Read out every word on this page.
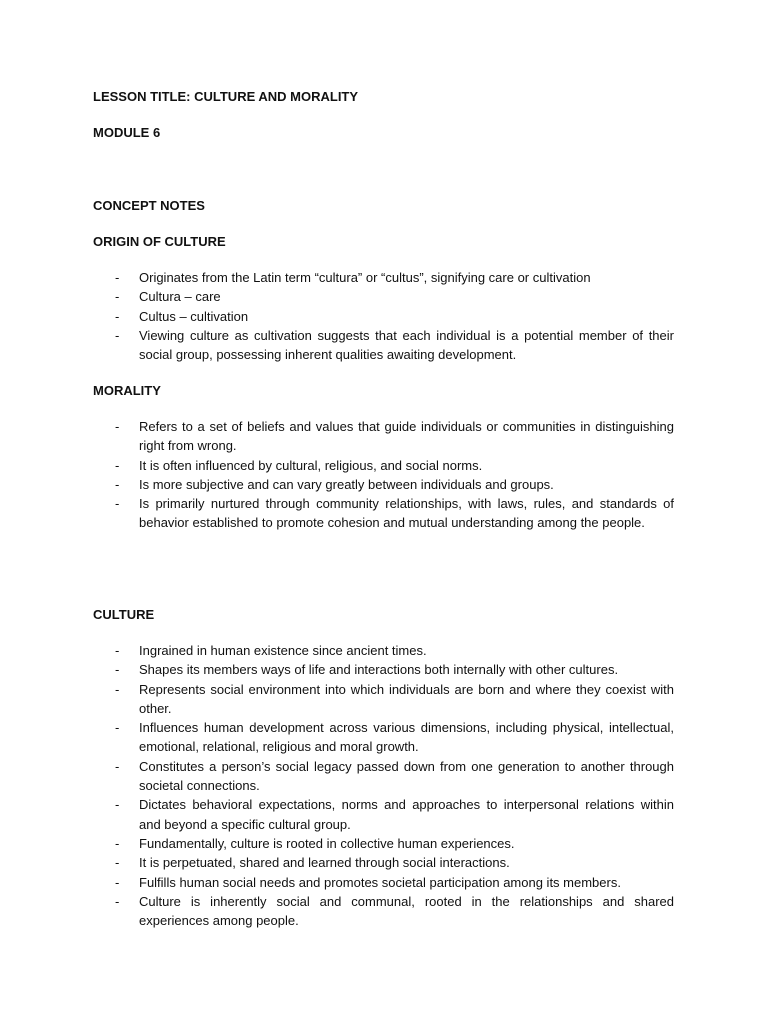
LESSON TITLE: CULTURE AND MORALITY

MODULE 6

CONCEPT NOTES

ORIGIN OF CULTURE

- Originates from the Latin term “cultura” or “cultus”, signifying care or cultivation
- Cultura – care
- Cultus – cultivation
- Viewing culture as cultivation suggests that each individual is a potential member of their social group, possessing inherent qualities awaiting development.

MORALITY

- Refers to a set of beliefs and values that guide individuals or communities in distinguishing right from wrong.
- It is often influenced by cultural, religious, and social norms.
- Is more subjective and can vary greatly between individuals and groups.
- Is primarily nurtured through community relationships, with laws, rules, and standards of behavior established to promote cohesion and mutual understanding among the people.

CULTURE

- Ingrained in human existence since ancient times.
- Shapes its members ways of life and interactions both internally with other cultures.
- Represents social environment into which individuals are born and where they coexist with other.
- Influences human development across various dimensions, including physical, intellectual, emotional, relational, religious and moral growth.
- Constitutes a person’s social legacy passed down from one generation to another through societal connections.
- Dictates behavioral expectations, norms and approaches to interpersonal relations within and beyond a specific cultural group.
- Fundamentally, culture is rooted in collective human experiences.
- It is perpetuated, shared and learned through social interactions.
- Fulfills human social needs and promotes societal participation among its members.
- Culture is inherently social and communal, rooted in the relationships and shared experiences among people.
